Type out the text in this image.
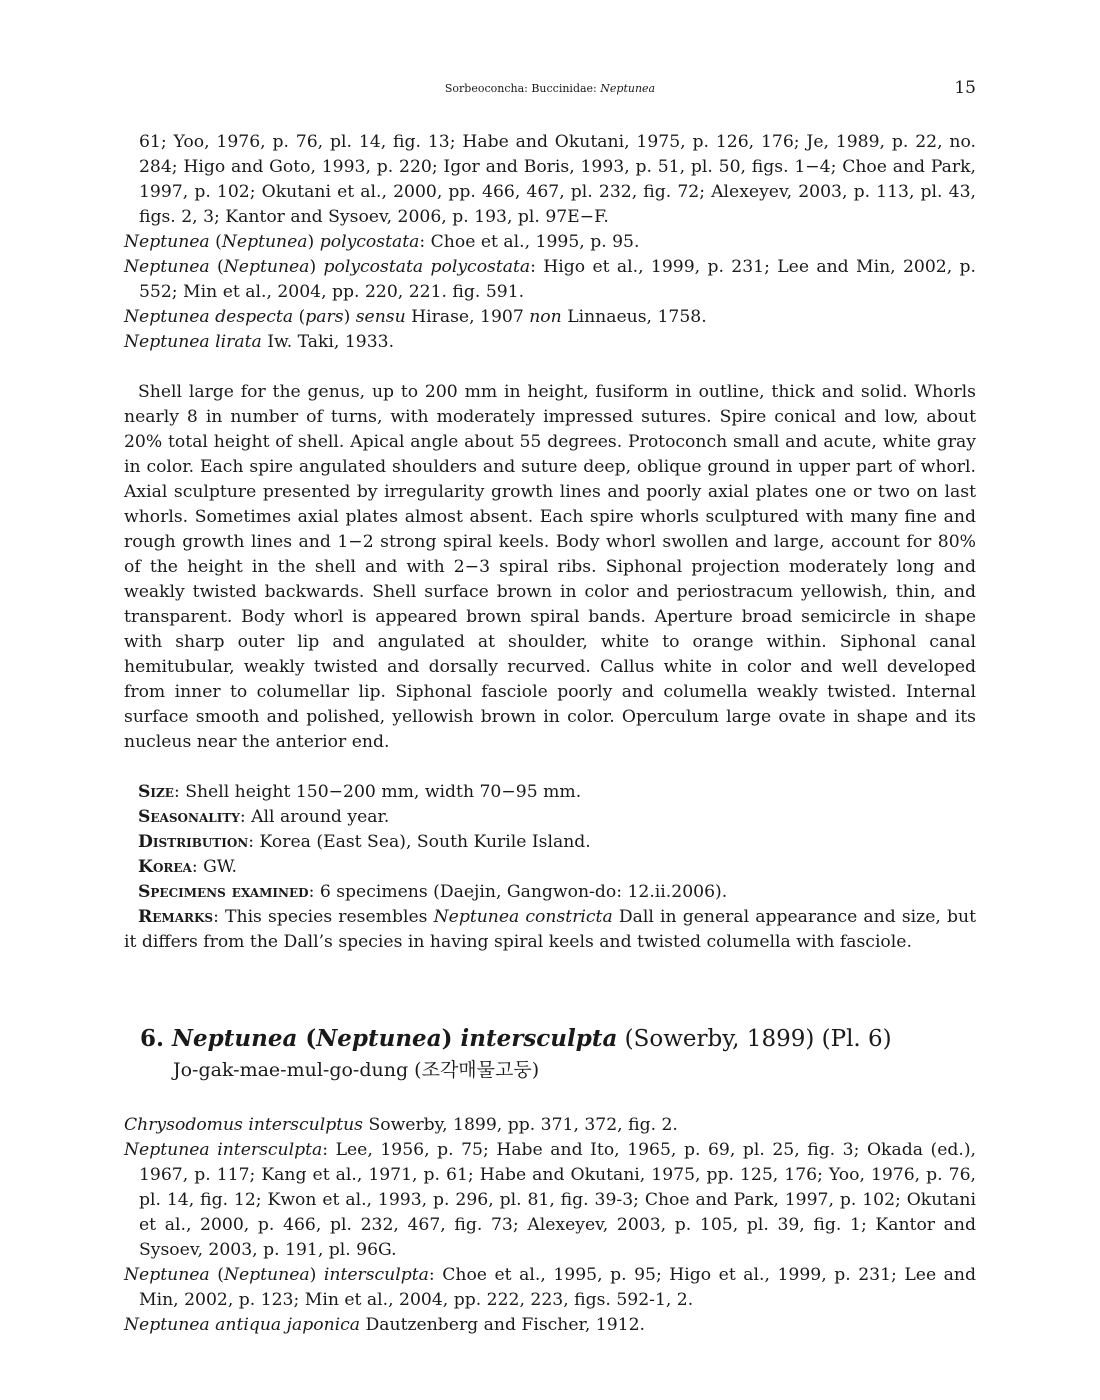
Sorbeoconcha: Buccinidae: Neptunea	15

61; Yoo, 1976, p. 76, pl. 14, fig. 13; Habe and Okutani, 1975, p. 126, 176; Je, 1989, p. 22, no. 284; Higo and Goto, 1993, p. 220; Igor and Boris, 1993, p. 51, pl. 50, figs. 1−4; Choe and Park, 1997, p. 102; Okutani et al., 2000, pp. 466, 467, pl. 232, fig. 72; Alexeyev, 2003, p. 113, pl. 43, figs. 2, 3; Kantor and Sysoev, 2006, p. 193, pl. 97E−F.

Neptunea (Neptunea) polycostata: Choe et al., 1995, p. 95.

Neptunea (Neptunea) polycostata polycostata: Higo et al., 1999, p. 231; Lee and Min, 2002, p. 552; Min et al., 2004, pp. 220, 221. fig. 591.

Neptunea despecta (pars) sensu Hirase, 1907 non Linnaeus, 1758.

Neptunea lirata Iw. Taki, 1933.

Shell large for the genus, up to 200 mm in height, fusiform in outline, thick and solid. Whorls nearly 8 in number of turns, with moderately impressed sutures. Spire conical and low, about 20% total height of shell. Apical angle about 55 degrees. Protoconch small and acute, white gray in color. Each spire angulated shoulders and suture deep, oblique ground in upper part of whorl. Axial sculpture presented by irregularity growth lines and poorly axial plates one or two on last whorls. Sometimes axial plates almost absent. Each spire whorls sculptured with many fine and rough growth lines and 1−2 strong spiral keels. Body whorl swollen and large, account for 80% of the height in the shell and with 2−3 spiral ribs. Siphonal projection moderately long and weakly twisted backwards. Shell surface brown in color and periostracum yellowish, thin, and transparent. Body whorl is appeared brown spiral bands. Aperture broad semicircle in shape with sharp outer lip and angulated at shoulder, white to orange within. Siphonal canal hemitubular, weakly twisted and dorsally recurved. Callus white in color and well developed from inner to columellar lip. Siphonal fasciole poorly and columella weakly twisted. Internal surface smooth and polished, yellowish brown in color. Operculum large ovate in shape and its nucleus near the anterior end.

Size: Shell height 150−200 mm, width 70−95 mm.

Seasonality: All around year.

Distribution: Korea (East Sea), South Kurile Island.

Korea: GW.

Specimens examined: 6 specimens (Daejin, Gangwon-do: 12.ii.2006).

Remarks: This species resembles Neptunea constricta Dall in general appearance and size, but it differs from the Dall’s species in having spiral keels and twisted columella with fasciole.

6. Neptunea (Neptunea) intersculpta (Sowerby, 1899) (Pl. 6)
Jo-gak-mae-mul-go-dung (조각매물고둥)

Chrysodomus intersculptus Sowerby, 1899, pp. 371, 372, fig. 2.

Neptunea intersculpta: Lee, 1956, p. 75; Habe and Ito, 1965, p. 69, pl. 25, fig. 3; Okada (ed.), 1967, p. 117; Kang et al., 1971, p. 61; Habe and Okutani, 1975, pp. 125, 176; Yoo, 1976, p. 76, pl. 14, fig. 12; Kwon et al., 1993, p. 296, pl. 81, fig. 39-3; Choe and Park, 1997, p. 102; Okutani et al., 2000, p. 466, pl. 232, 467, fig. 73; Alexeyev, 2003, p. 105, pl. 39, fig. 1; Kantor and Sysoev, 2003, p. 191, pl. 96G.

Neptunea (Neptunea) intersculpta: Choe et al., 1995, p. 95; Higo et al., 1999, p. 231; Lee and Min, 2002, p. 123; Min et al., 2004, pp. 222, 223, figs. 592-1, 2.

Neptunea antiqua japonica Dautzenberg and Fischer, 1912.
